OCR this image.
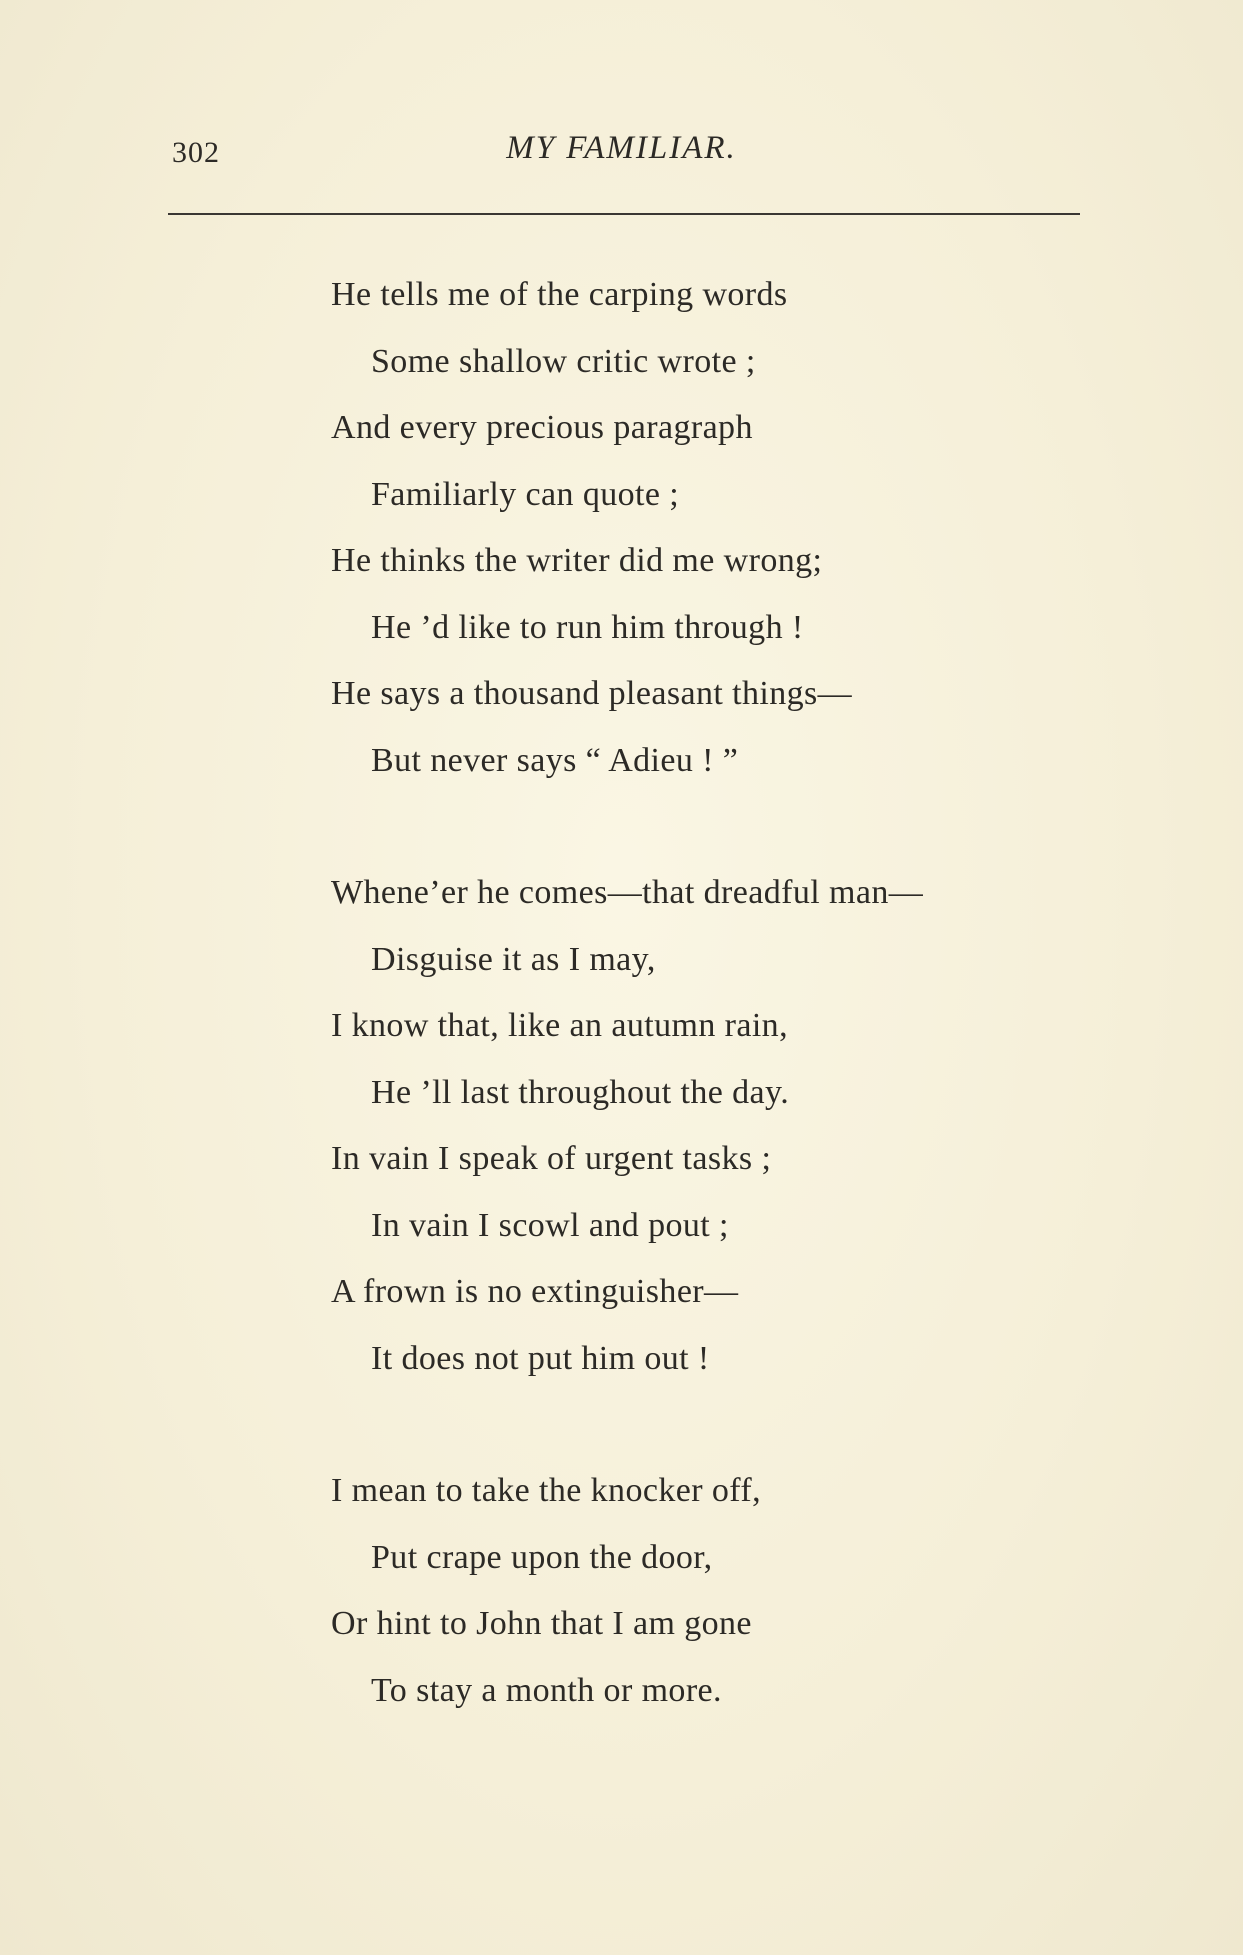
302	MY FAMILIAR.
He tells me of the carping words
Some shallow critic wrote ;
And every precious paragraph
Familiarly can quote ;
He thinks the writer did me wrong;
He ’d like to run him through !
He says a thousand pleasant things—
But never says “ Adieu ! ”
Whene’er he comes—that dreadful man—
Disguise it as I may,
I know that, like an autumn rain,
He ’ll last throughout the day.
In vain I speak of urgent tasks ;
In vain I scowl and pout ;
A frown is no extinguisher—
It does not put him out !
I mean to take the knocker off,
Put crape upon the door,
Or hint to John that I am gone
To stay a month or more.
